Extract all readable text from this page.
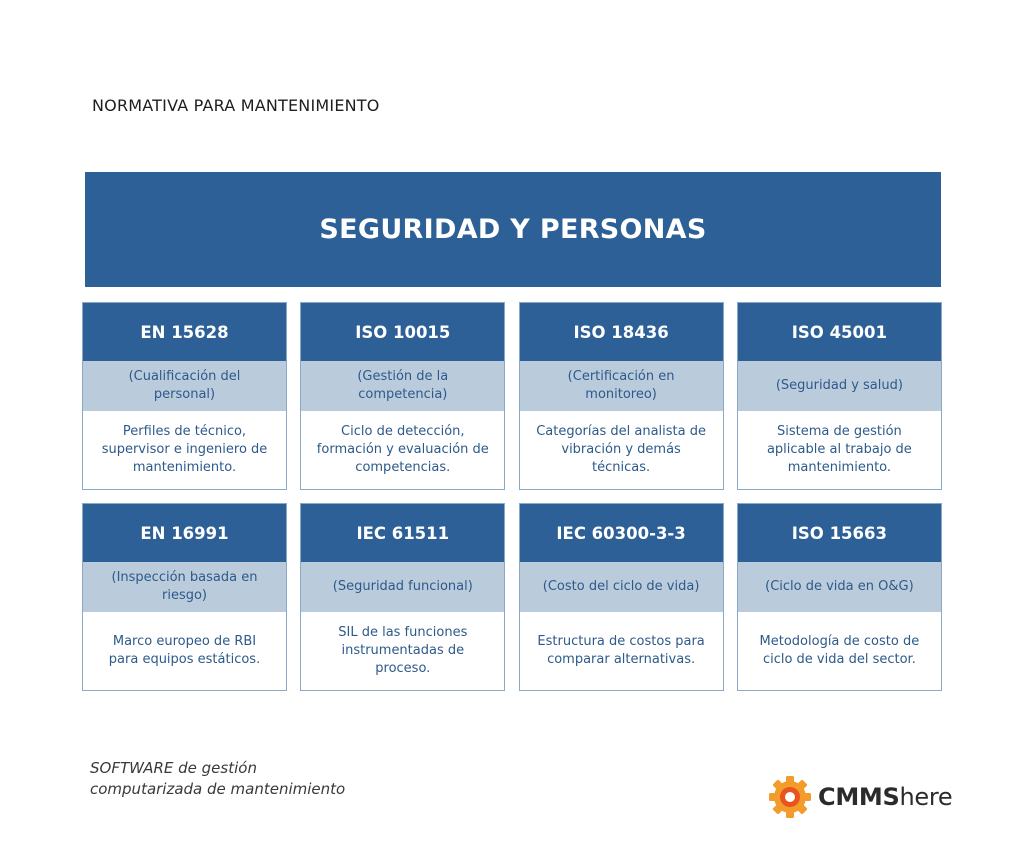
NORMATIVA PARA MANTENIMIENTO
SEGURIDAD Y PERSONAS
EN 15628
(Cualificación del personal)
Perfiles de técnico, supervisor e ingeniero de mantenimiento.
ISO 10015
(Gestión de la competencia)
Ciclo de detección, formación y evaluación de competencias.
ISO 18436
(Certificación en monitoreo)
Categorías del analista de vibración y demás técnicas.
ISO 45001
(Seguridad y salud)
Sistema de gestión aplicable al trabajo de mantenimiento.
EN 16991
(Inspección basada en riesgo)
Marco europeo de RBI para equipos estáticos.
IEC 61511
(Seguridad funcional)
SIL de las funciones instrumentadas de proceso.
IEC 60300-3-3
(Costo del ciclo de vida)
Estructura de costos para comparar alternativas.
ISO 15663
(Ciclo de vida en O&G)
Metodología de costo de ciclo de vida del sector.
SOFTWARE de gestión
computarizada de mantenimiento	CMMShere
